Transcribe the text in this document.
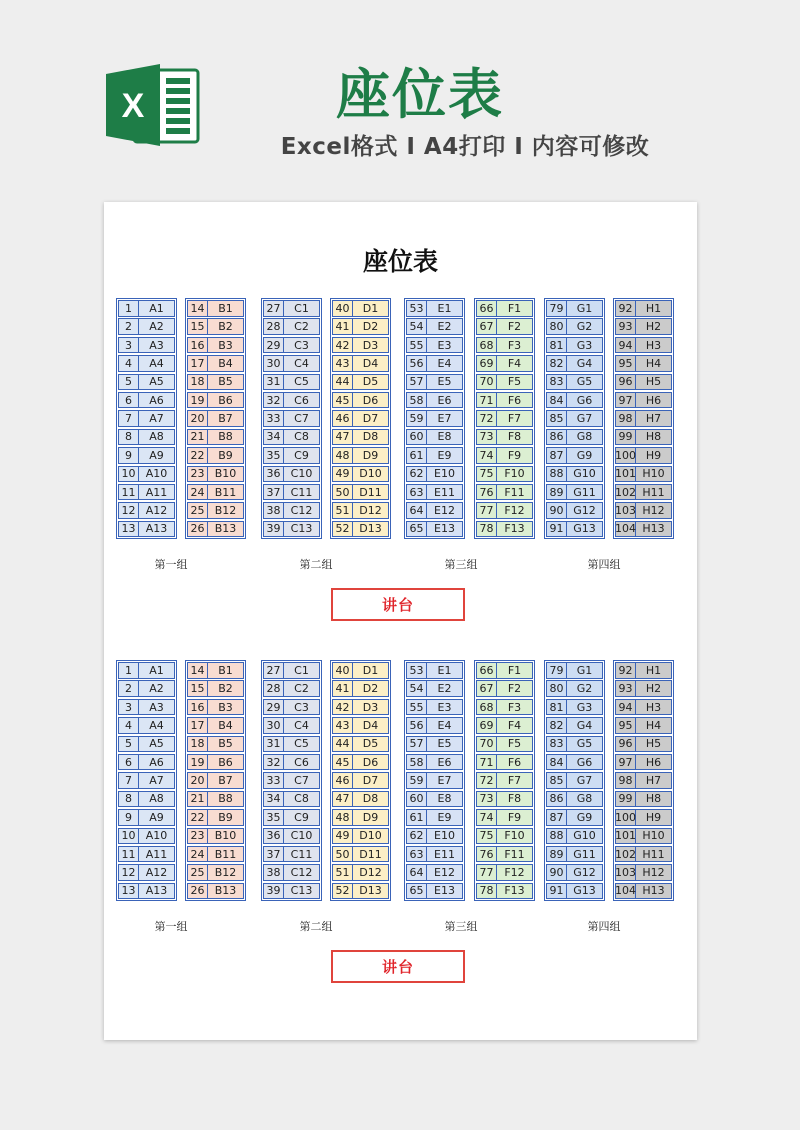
X	座位表
Excel格式 I A4打印 I 内容可修改
座位表
1	A1
2	A2
3	A3
4	A4
5	A5
6	A6
7	A7
8	A8
9	A9
10 A10
11 A11
12 A12
13 A13
14	B1
15	B2
16	B3
17	B4
18	B5
19	B6
20	B7
21	B8
22	B9
23 B10
24 B11
25 B12
26 B13
27	C1
28	C2
29	C3
30	C4
31	C5
32	C6
33	C7
34	C8
35	C9
36 C10
37 C11
38 C12
39 C13
40	D1
41	D2
42	D3
43	D4
44	D5
45	D6
46	D7
47	D8
48	D9
49 D10
50 D11
51 D12
52 D13
53	E1
54	E2
55	E3
56	E4
57	E5
58	E6
59	E7
60	E8
61	E9
62 E10
63 E11
64 E12
65 E13
66	F1
67	F2
68	F3
69	F4
70	F5
71	F6
72	F7
73	F8
74	F9
75 F10
76 F11
77 F12
78 F13
79	G1
80	G2
81	G3
82	G4
83	G5
84	G6
85	G7
86	G8
87	G9
88 G10
89 G11
90 G12
91 G13
92	H1
93	H2
94	H3
95	H4
96	H5
97	H6
98	H7
99	H8
100 H9
101 H10
102 H11
103 H12
104 H13
第一组	第二组	第三组	第四组
讲台
1	A1
2	A2
3	A3
4	A4
5	A5
6	A6
7	A7
8	A8
9	A9
10 A10
11 A11
12 A12
13 A13
14	B1
15	B2
16	B3
17	B4
18	B5
19	B6
20	B7
21	B8
22	B9
23 B10
24 B11
25 B12
26 B13
27	C1
28	C2
29	C3
30	C4
31	C5
32	C6
33	C7
34	C8
35	C9
36 C10
37 C11
38 C12
39 C13
40	D1
41	D2
42	D3
43	D4
44	D5
45	D6
46	D7
47	D8
48	D9
49 D10
50 D11
51 D12
52 D13
53	E1
54	E2
55	E3
56	E4
57	E5
58	E6
59	E7
60	E8
61	E9
62 E10
63 E11
64 E12
65 E13
66	F1
67	F2
68	F3
69	F4
70	F5
71	F6
72	F7
73	F8
74	F9
75 F10
76 F11
77 F12
78 F13
79	G1
80	G2
81	G3
82	G4
83	G5
84	G6
85	G7
86	G8
87	G9
88 G10
89 G11
90 G12
91 G13
92	H1
93	H2
94	H3
95	H4
96	H5
97	H6
98	H7
99	H8
100 H9
101 H10
102 H11
103 H12
104 H13
第一组	第二组	第三组	第四组
讲台
